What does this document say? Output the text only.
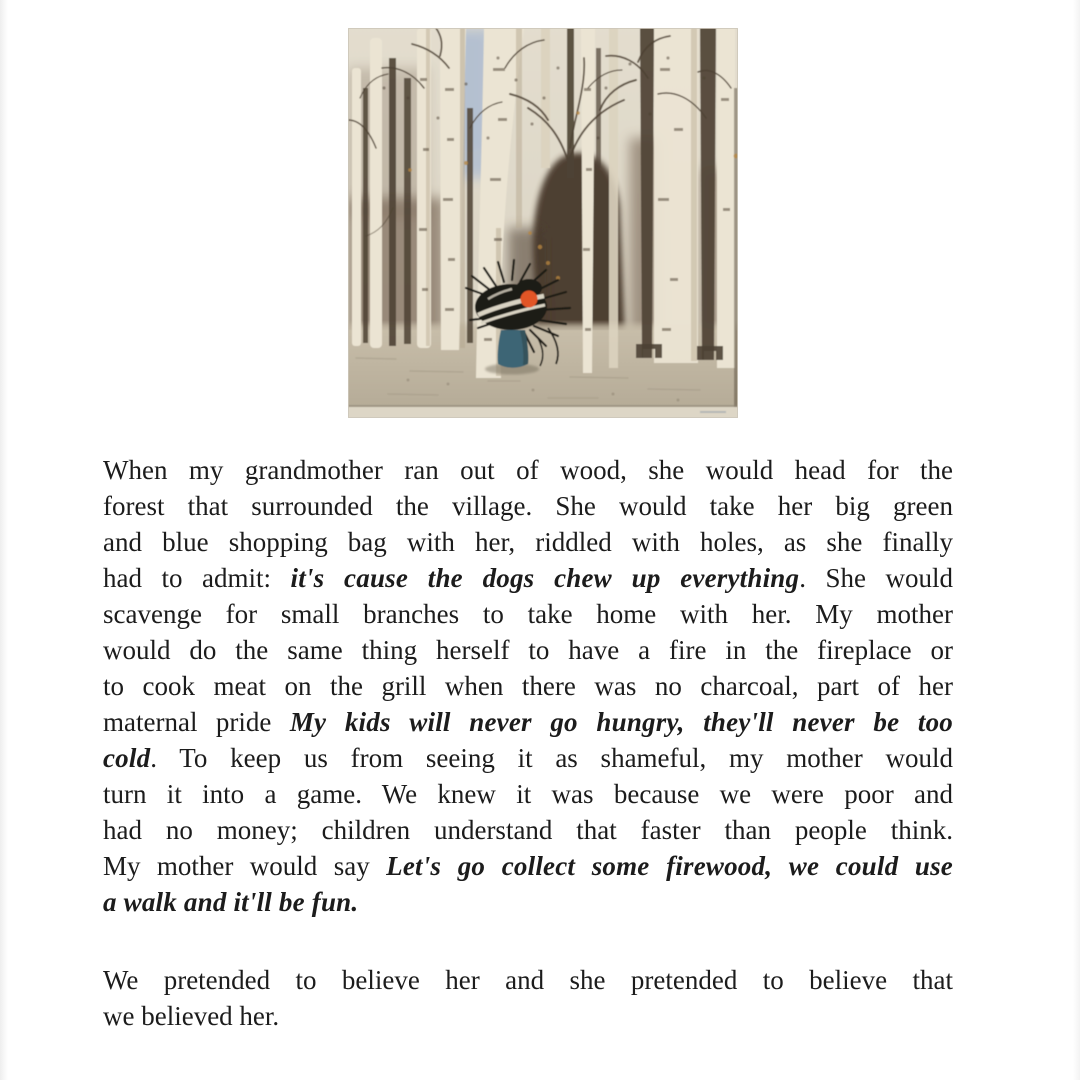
When my grandmother ran out of wood, she would head for the
forest that surrounded the village. She would take her big green
and blue shopping bag with her, riddled with holes, as she finally
had to admit: it's cause the dogs chew up everything. She would
scavenge for small branches to take home with her. My mother
would do the same thing herself to have a fire in the fireplace or
to cook meat on the grill when there was no charcoal, part of her
maternal pride My kids will never go hungry, they'll never be too
cold. To keep us from seeing it as shameful, my mother would
turn it into a game. We knew it was because we were poor and
had no money; children understand that faster than people think.
My mother would say Let's go collect some firewood, we could use
a walk and it'll be fun.

We pretended to believe her and she pretended to believe that
we believed her.
